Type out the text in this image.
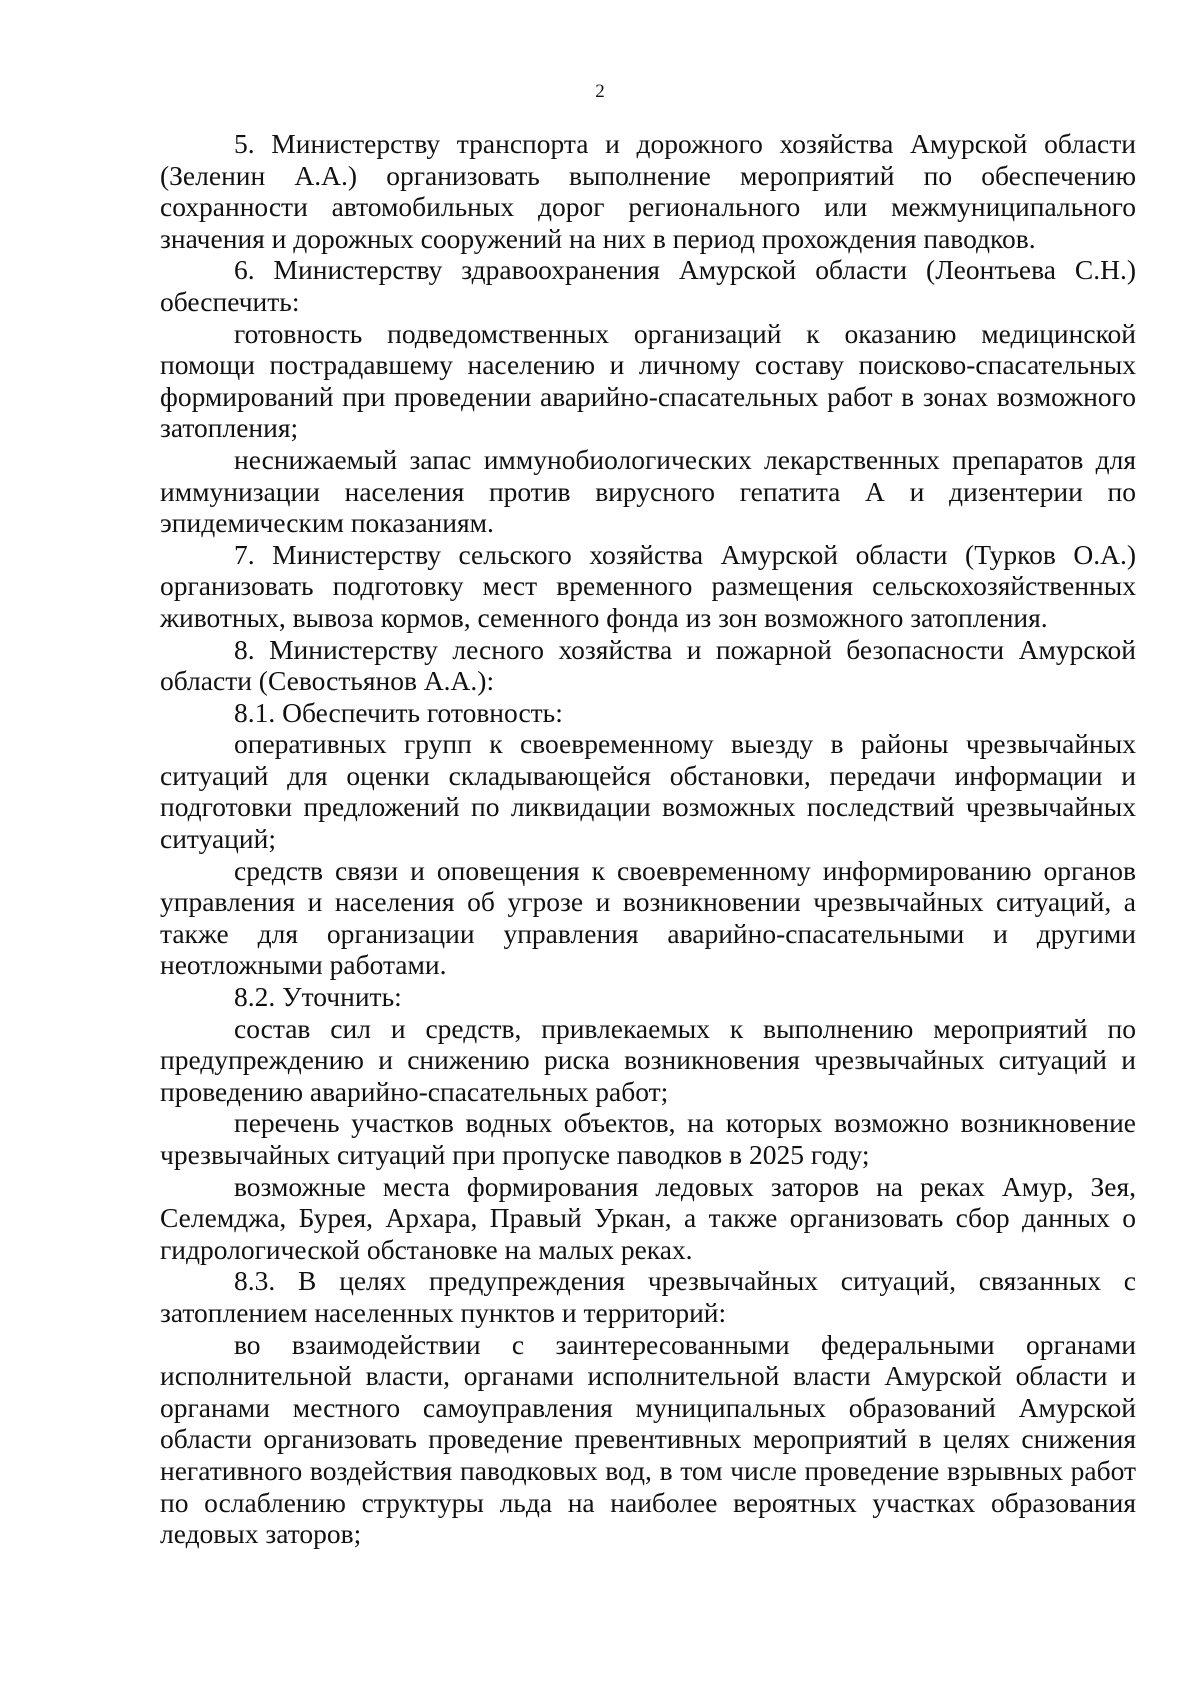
2

5. Министерству транспорта и дорожного хозяйства Амурской области (Зеленин А.А.) организовать выполнение мероприятий по обеспечению сохранности автомобильных дорог регионального или межмуниципального значения и дорожных сооружений на них в период прохождения паводков.

6. Министерству здравоохранения Амурской области (Леонтьева С.Н.) обеспечить:

готовность подведомственных организаций к оказанию медицинской помощи пострадавшему населению и личному составу поисково-спасательных формирований при проведении аварийно-спасательных работ в зонах возможного затопления;

неснижаемый запас иммунобиологических лекарственных препаратов для иммунизации населения против вирусного гепатита А и дизентерии по эпидемическим показаниям.

7. Министерству сельского хозяйства Амурской области (Турков О.А.) организовать подготовку мест временного размещения сельскохозяйственных животных, вывоза кормов, семенного фонда из зон возможного затопления.

8. Министерству лесного хозяйства и пожарной безопасности Амурской области (Севостьянов А.А.):

8.1. Обеспечить готовность:

оперативных групп к своевременному выезду в районы чрезвычайных ситуаций для оценки складывающейся обстановки, передачи информации и подготовки предложений по ликвидации возможных последствий чрезвычайных ситуаций;

средств связи и оповещения к своевременному информированию органов управления и населения об угрозе и возникновении чрезвычайных ситуаций, а также для организации управления аварийно-спасательными и другими неотложными работами.

8.2. Уточнить:

состав сил и средств, привлекаемых к выполнению мероприятий по предупреждению и снижению риска возникновения чрезвычайных ситуаций и проведению аварийно-спасательных работ;

перечень участков водных объектов, на которых возможно возникновение чрезвычайных ситуаций при пропуске паводков в 2025 году;

возможные места формирования ледовых заторов на реках Амур, Зея, Селемджа, Бурея, Архара, Правый Уркан, а также организовать сбор данных о гидрологической обстановке на малых реках.

8.3. В целях предупреждения чрезвычайных ситуаций, связанных с затоплением населенных пунктов и территорий:

во взаимодействии с заинтересованными федеральными органами исполнительной власти, органами исполнительной власти Амурской области и органами местного самоуправления муниципальных образований Амурской области организовать проведение превентивных мероприятий в целях снижения негативного воздействия паводковых вод, в том числе проведение взрывных работ по ослаблению структуры льда на наиболее вероятных участках образования ледовых заторов;
